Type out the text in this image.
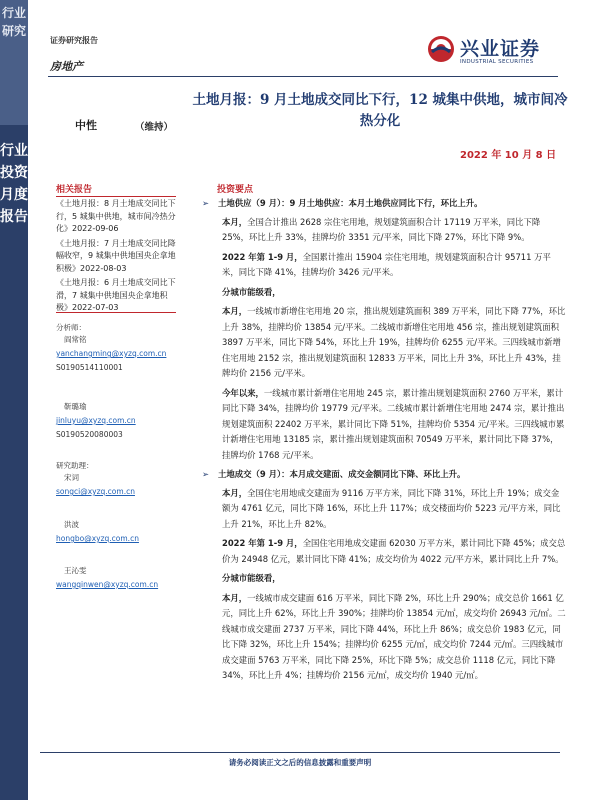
行业研究
行业投资月度报告
证券研究报告
房地产
兴业证券
INDUSTRIAL SECURITIES
土地月报：9 月土地成交同比下行，12 城集中供地，城市间冷热分化
中性	（维持）
2022 年 10 月 8 日
相关报告
《土地月报：8 月土地成交同比下行，5 城集中供地，城市间冷热分化》2022-09-06
《土地月报：7 月土地成交同比降幅收窄，9 城集中供地国央企拿地积极》2022-08-03
《土地月报：6 月土地成交同比下滑，7 城集中供地国央企拿地积极》2022-07-03
分析师：
阎常铭
yanchangming@xyzq.com.cn
S0190514110001
靳璐瑜
jinluyu@xyzq.com.cn
S0190520080003
研究助理：
宋词
songci@xyzq.com.cn
洪波
hongbo@xyzq.com.cn
王沁雯
wangqinwen@xyzq.com.cn
投资要点
➢ 土地供应（9 月）：9 月土地供应：本月土地供应同比下行，环比上升。
本月，全国合计推出 2628 宗住宅用地，规划建筑面积合计 17119 万平米，同比下降 25%，环比上升 33%，挂牌均价 3351 元/平米，同比下降 27%，环比下降 9%。
2022 年第 1-9 月，全国累计推出 15904 宗住宅用地，规划建筑面积合计 95711 万平米，同比下降 41%，挂牌均价 3426 元/平米。
分城市能级看，
本月，一线城市新增住宅用地 20 宗，推出规划建筑面积 389 万平米，同比下降 77%，环比上升 38%，挂牌均价 13854 元/平米。二线城市新增住宅用地 456 宗，推出规划建筑面积 3897 万平米，同比下降 54%，环比上升 19%，挂牌均价 6255 元/平米。三四线城市新增住宅用地 2152 宗，推出规划建筑面积 12833 万平米，同比上升 3%，环比上升 43%，挂牌均价 2156 元/平米。
今年以来，一线城市累计新增住宅用地 245 宗，累计推出规划建筑面积 2760 万平米，累计同比下降 34%，挂牌均价 19779 元/平米。二线城市累计新增住宅用地 2474 宗，累计推出规划建筑面积 22402 万平米，累计同比下降 51%，挂牌均价 5354 元/平米。三四线城市累计新增住宅用地 13185 宗，累计推出规划建筑面积 70549 万平米，累计同比下降 37%，挂牌均价 1768 元/平米。
➢ 土地成交（9 月）：本月成交建面、成交金额同比下降、环比上升。
本月，全国住宅用地成交建面为 9116 万平方米，同比下降 31%，环比上升 19%；成交金额为 4761 亿元，同比下降 16%，环比上升 117%；成交楼面均价 5223 元/平方米，同比上升 21%，环比上升 82%。
2022 年第 1-9 月，全国住宅用地成交建面 62030 万平方米，累计同比下降 45%；成交总价为 24948 亿元，累计同比下降 41%；成交均价为 4022 元/平方米，累计同比上升 7%。
分城市能级看，
本月，一线城市成交建面 616 万平米，同比下降 2%，环比上升 290%；成交总价 1661 亿元，同比上升 62%，环比上升 390%；挂牌均价 13854 元/㎡，成交均价 26943 元/㎡。二线城市成交建面 2737 万平米，同比下降 44%，环比上升 86%；成交总价 1983 亿元，同比下降 32%，环比上升 154%；挂牌均价 6255 元/㎡，成交均价 7244 元/㎡。三四线城市成交建面 5763 万平米，同比下降 25%，环比下降 5%；成交总价 1118 亿元，同比下降 34%，环比上升 4%；挂牌均价 2156 元/㎡，成交均价 1940 元/㎡。
请务必阅读正文之后的信息披露和重要声明
